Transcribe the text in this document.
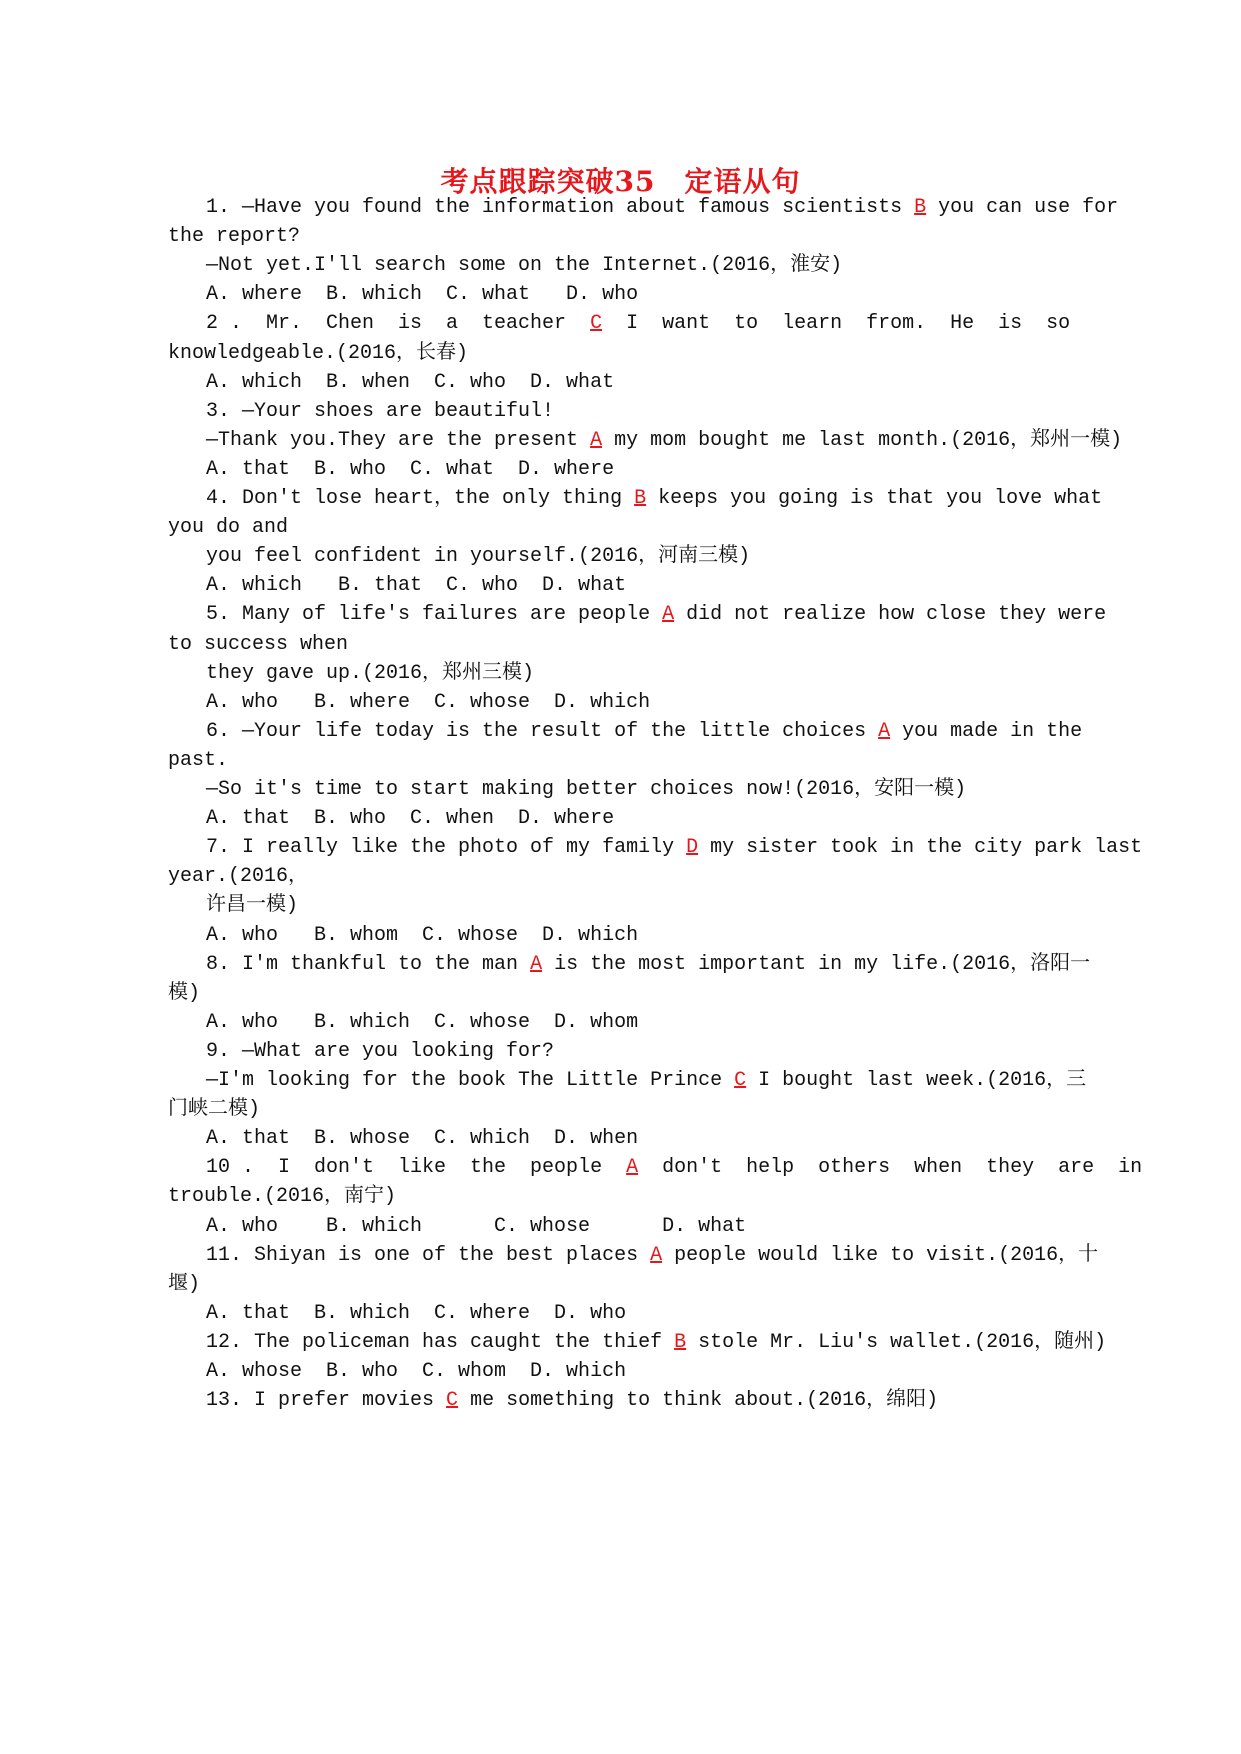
考点跟踪突破35　定语从句
1. —Have you found the information about famous scientists B you can use for
the report?
—Not yet.I'll search some on the Internet.(2016，淮安)
A. where  B. which  C. what   D. who
2 .  Mr.  Chen  is  a  teacher  C  I  want  to  learn  from.  He  is  so
knowledgeable.(2016，长春)
A. which  B. when  C. who  D. what
3. —Your shoes are beautiful!
—Thank you.They are the present A my mom bought me last month.(2016，郑州一模)
A. that  B. who  C. what  D. where
4. Don't lose heart，the only thing B keeps you going is that you love what
you do and
you feel confident in yourself.(2016，河南三模)
A. which   B. that  C. who  D. what
5. Many of life's failures are people A did not realize how close they were
to success when
they gave up.(2016，郑州三模)
A. who   B. where  C. whose  D. which
6. —Your life today is the result of the little choices A you made in the
past.
—So it's time to start making better choices now!(2016，安阳一模)
A. that  B. who  C. when  D. where
7. I really like the photo of my family D my sister took in the city park last
year.(2016，
许昌一模)
A. who   B. whom  C. whose  D. which
8. I'm thankful to the man A is the most important in my life.(2016，洛阳一
模)
A. who   B. which  C. whose  D. whom
9. —What are you looking for?
—I'm looking for the book The Little Prince C I bought last week.(2016，三
门峡二模)
A. that  B. whose  C. which  D. when
10 .  I  don't  like  the  people  A  don't  help  others  when  they  are  in
trouble.(2016，南宁)
A. who    B. which      C. whose      D. what
11. Shiyan is one of the best places A people would like to visit.(2016，十
堰)
A. that  B. which  C. where  D. who
12. The policeman has caught the thief B stole Mr. Liu's wallet.(2016，随州)
A. whose  B. who  C. whom  D. which
13. I prefer movies C me something to think about.(2016，绵阳)
